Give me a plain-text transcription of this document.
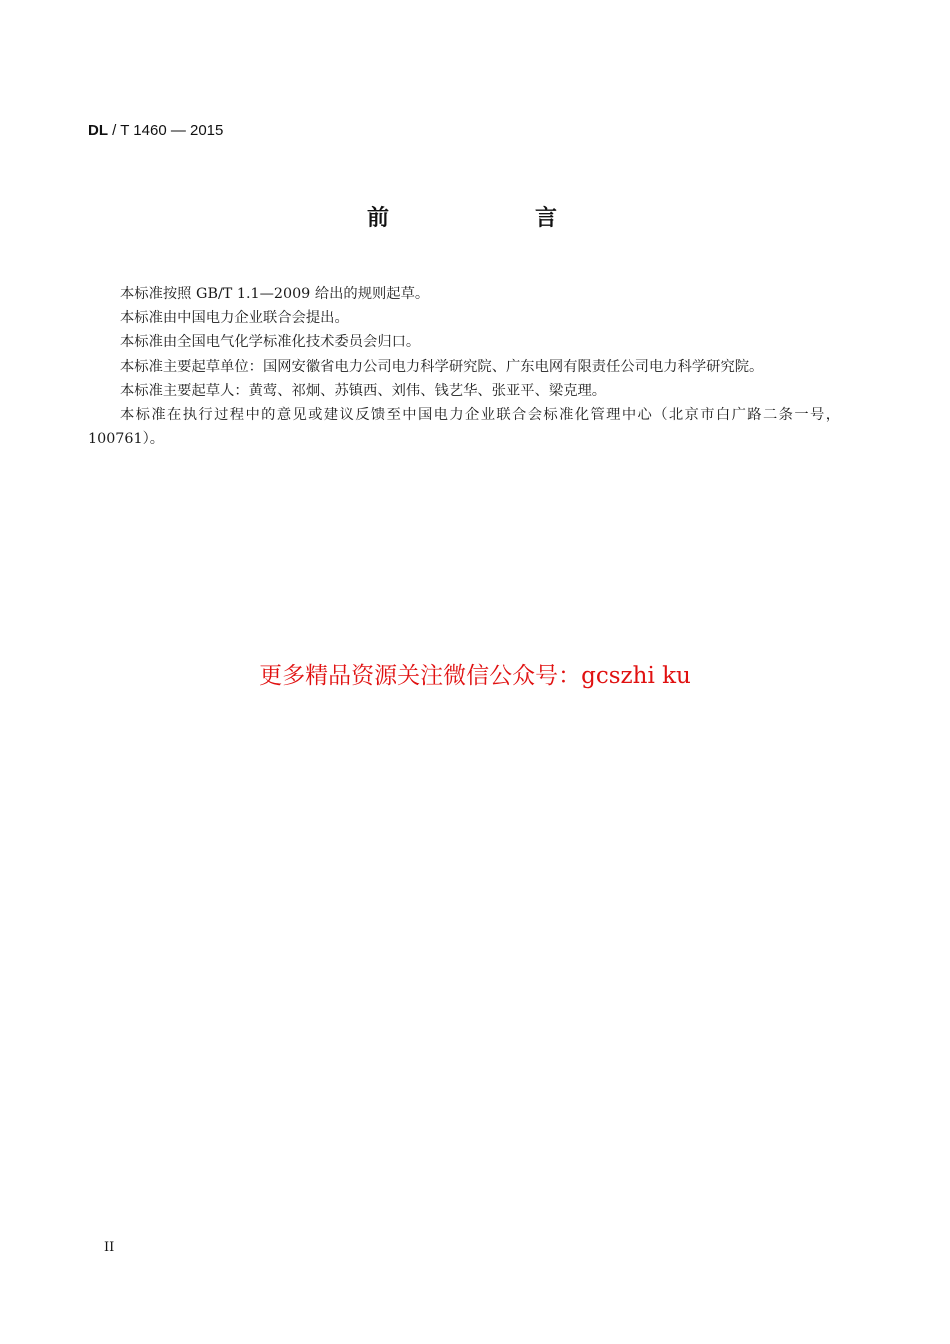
DL / T 1460 — 2015
前　言

本标准按照 GB/T 1.1—2009 给出的规则起草。

本标准由中国电力企业联合会提出。

本标准由全国电气化学标准化技术委员会归口。

本标准主要起草单位：国网安徽省电力公司电力科学研究院、广东电网有限责任公司电力科学研究院。

本标准主要起草人：黄莺、祁炯、苏镇西、刘伟、钱艺华、张亚平、梁克理。

本标准在执行过程中的意见或建议反馈至中国电力企业联合会标准化管理中心（北京市白广路二条一号，100761）。

更多精品资源关注微信公众号：gcszhi ku
II
